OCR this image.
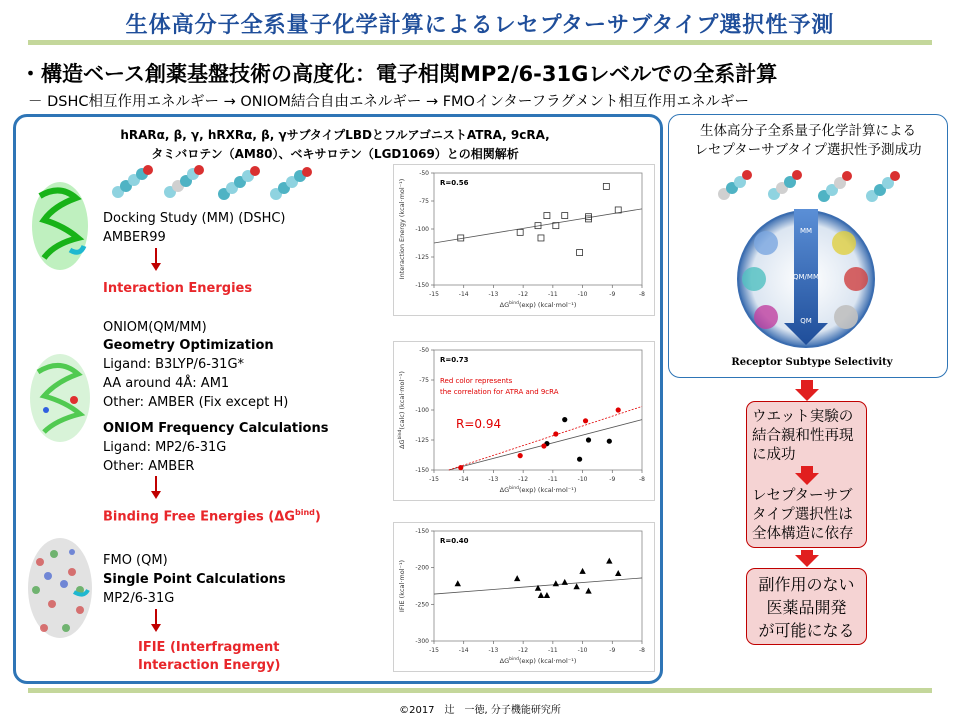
生体高分子全系量子化学計算によるレセプターサブタイプ選択性予測
・構造ベース創薬基盤技術の高度化：電子相関MP2/6-31Gレベルでの全系計算
－ DSHC相互作用エネルギー → ONIOM結合自由エネルギー → FMOインターフラグメント相互作用エネルギー
hRARα, β, γ, hRXRα, β, γサブタイプLBDとフルアゴニストATRA, 9cRA,
タミバロテン（AM80）、ベキサロテン（LGD1069）との相関解析
Docking Study (MM) (DSHC)
AMBER99
Interaction Energies
ONIOM(QM/MM)
Geometry Optimization
Ligand: B3LYP/6-31G*
AA around 4Å: AM1
Other: AMBER (Fix except H)
ONIOM Frequency Calculations
Ligand: MP2/6-31G
Other: AMBER
Binding Free Energies $(\Delta G^{bind})$
FMO (QM)
Single Point Calculations
MP2/6-31G
IFIE (Interfragment
Interaction Energy)
-15	-14	-13	-12	-11	-10	-9	-8
-50
-75
-100
-125
-150
$\Delta G^{bind}(\exp)$ (kcal·mol⁻¹)
Interaction Energy (kcal·mol⁻¹)	R=0.56
-15	-14	-13	-12	-11	-10	-9	-8
-50
-75
-100
-125
-150
$\Delta G^{bind}(\exp)$ (kcal·mol⁻¹)
$\Delta G^{bind}(calc)$ (kcal·mol⁻¹)
R=0.73
Red color represents
the correlation for ATRA and 9cRA
R=0.94
-15	-14	-13	-12	-11	-10	-9	-8
-150
-200
-250
-300
$\Delta G^{bind}(\exp)$ (kcal·mol⁻¹)
IFIE (kcal·mol⁻¹)
R=0.40
生体高分子全系量子化学計算による
レセプターサブタイプ選択性予測成功
MM
QM/MM
QM
Receptor Subtype Selectivity
ウエット実験の
結合親和性再現
に成功
レセプターサブ
タイプ選択性は
全体構造に依存
副作用のない
医薬品開発
が可能になる
©2017　辻　一徳, 分子機能研究所
